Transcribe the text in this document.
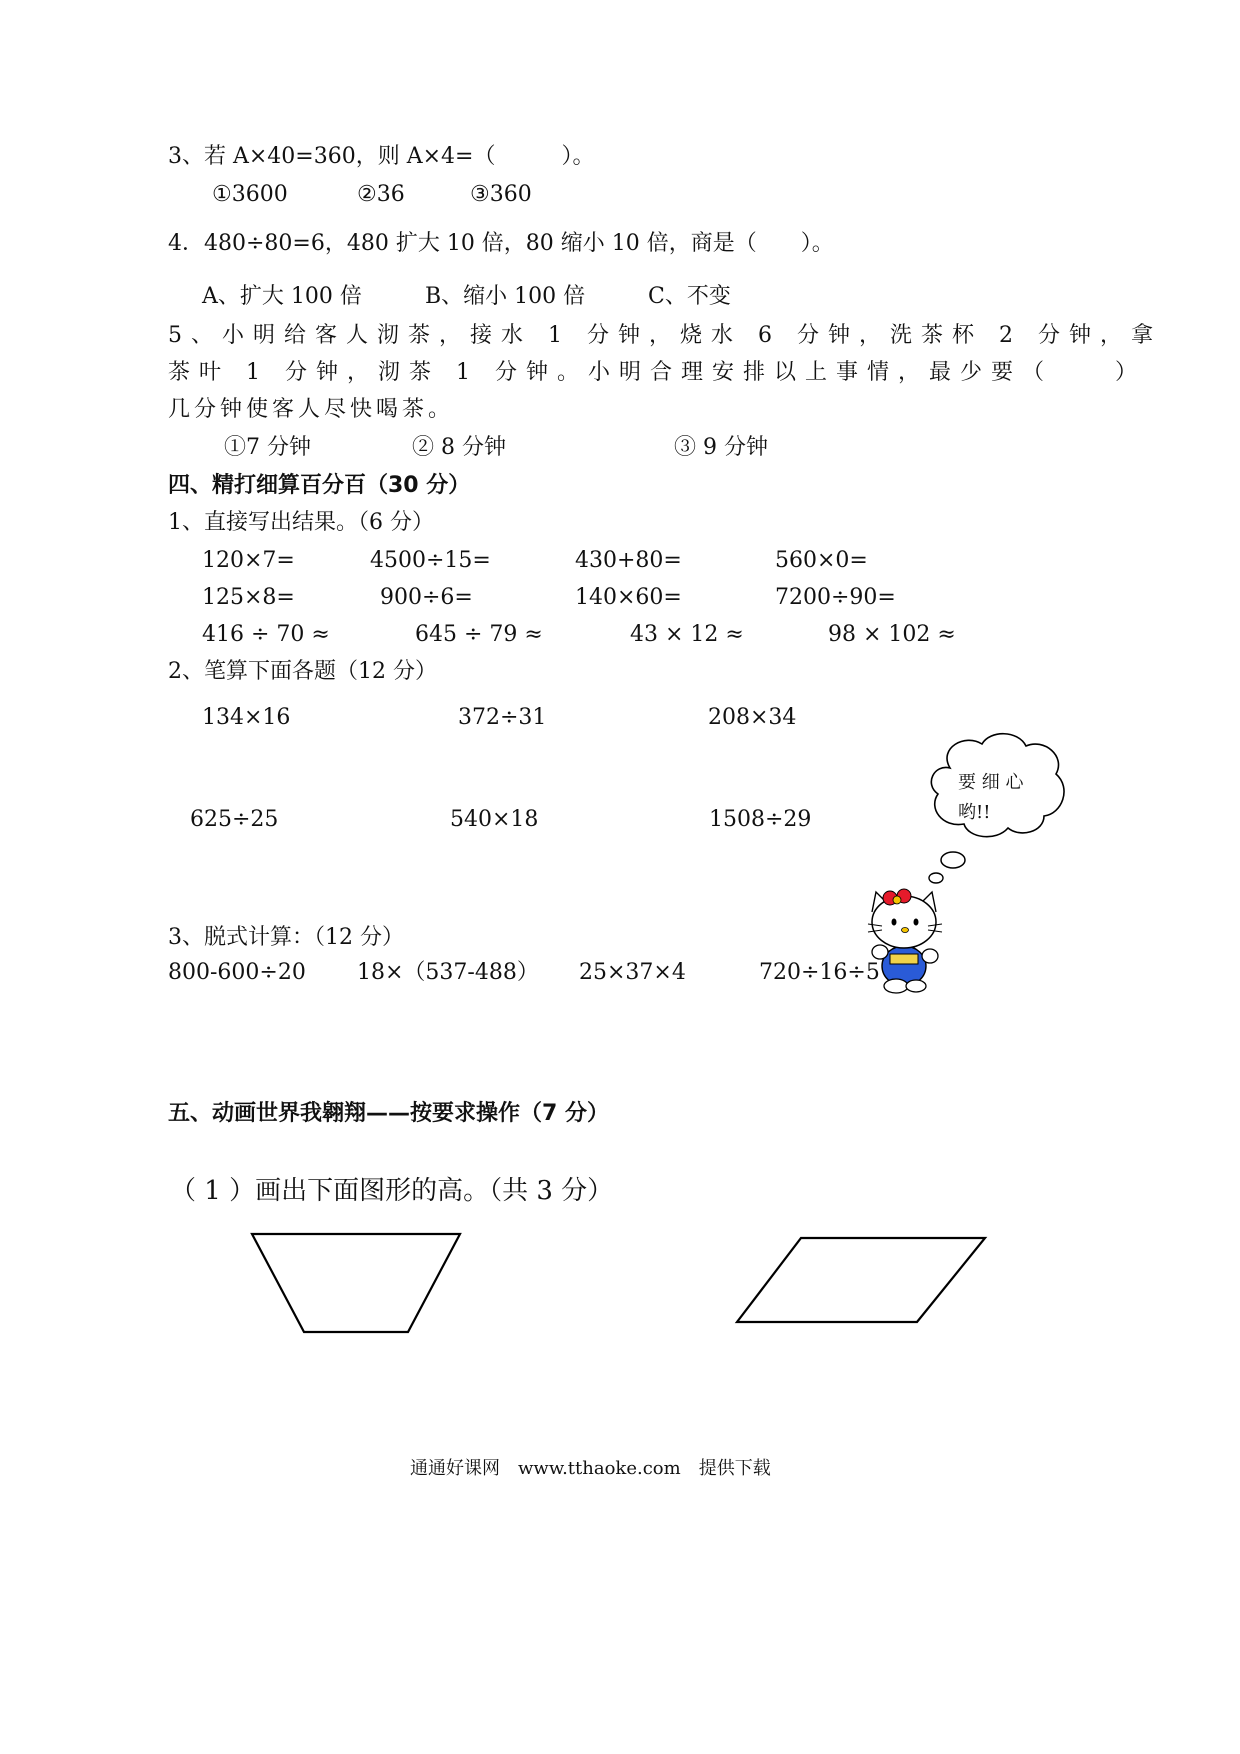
3、若 A×40=360，则 A×4=（　　　）。
①3600	②36	③360
4．480÷80=6，480 扩大 10 倍，80 缩小 10 倍，商是（　　）。
A、扩大 100 倍	B、缩小 100 倍	C、不变
5、小明给客人沏茶，接水 1 分钟，烧水 6 分钟，洗茶杯 2 分钟，拿
茶叶 1 分钟，沏茶 1 分钟。小明合理安排以上事情，最少要（　　）
几分钟使客人尽快喝茶。
①7 分钟	② 8 分钟	③ 9 分钟
四、精打细算百分百（30 分）
1、直接写出结果。（6 分）
120×7=	4500÷15=	430+80=	560×0=
125×8=	900÷6=	140×60=	7200÷90=
416 ÷ 70 ≈	645 ÷ 79 ≈	43 × 12 ≈	98 × 102 ≈
2、笔算下面各题（12 分）
134×16	372÷31	208×34
625÷25	540×18	1508÷29
3、脱式计算：（12 分）
800-600÷20 18×（537-488） 25×37×4	720÷16÷5
要 细 心
哟!!
五、动画世界我翱翔——按要求操作（7 分）
（ 1 ）画出下面图形的高。（共 3 分）
通通好课网　www.tthaoke.com　提供下载
